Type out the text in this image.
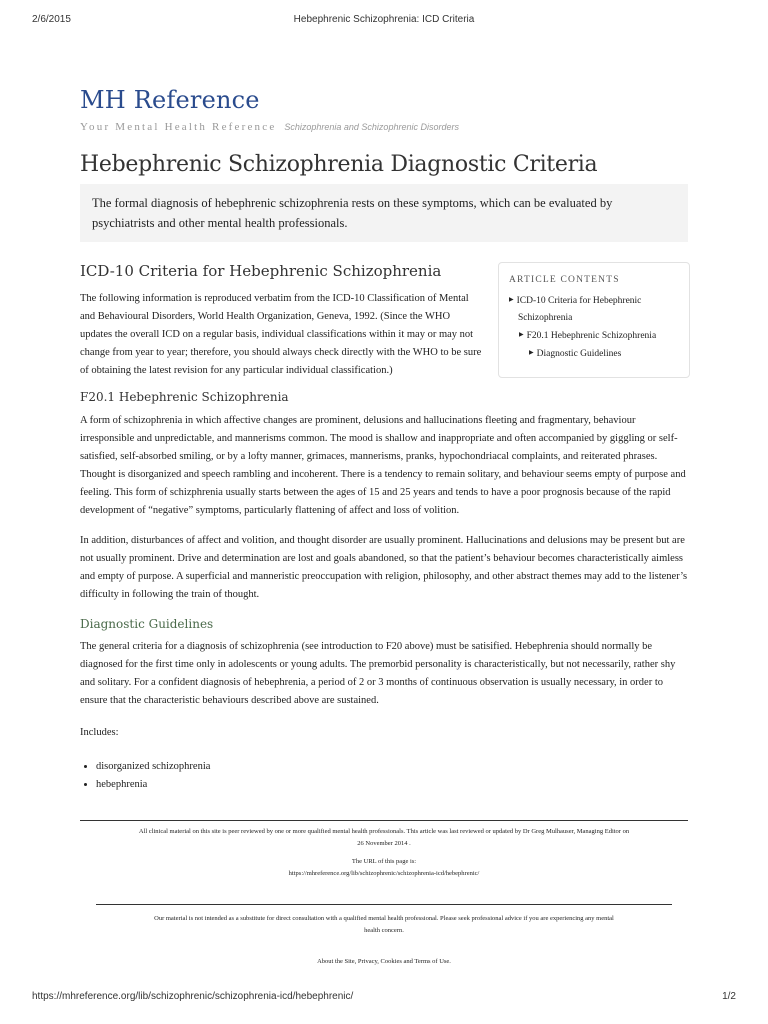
2/6/2015	Hebephrenic Schizophrenia: ICD Criteria
MH Reference
Your Mental Health Reference Schizophrenia and Schizophrenic Disorders
Hebephrenic Schizophrenia Diagnostic Criteria

The formal diagnosis of hebephrenic schizophrenia rests on these symptoms, which can be evaluated by psychiatrists and other mental health professionals.

ICD-10 Criteria for Hebephrenic Schizophrenia

The following information is reproduced verbatim from the ICD-10 Classification of Mental and Behavioural Disorders, World Health Organization, Geneva, 1992. (Since the WHO updates the overall ICD on a regular basis, individual classifications within it may or may not change from year to year; therefore, you should always check directly with the WHO to be sure of obtaining the latest revision for any particular individual classification.)

ARTICLE CONTENTS
▶ ICD-10 Criteria for Hebephrenic
Schizophrenia
▶ F20.1 Hebephrenic Schizophrenia
▶ Diagnostic Guidelines
F20.1 Hebephrenic Schizophrenia

A form of schizophrenia in which affective changes are prominent, delusions and hallucinations fleeting and fragmentary, behaviour irresponsible and unpredictable, and mannerisms common. The mood is shallow and inappropriate and often accompanied by giggling or self-satisfied, self-absorbed smiling, or by a lofty manner, grimaces, mannerisms, pranks, hypochondriacal complaints, and reiterated phrases. Thought is disorganized and speech rambling and incoherent. There is a tendency to remain solitary, and behaviour seems empty of purpose and feeling. This form of schizphrenia usually starts between the ages of 15 and 25 years and tends to have a poor prognosis because of the rapid development of “negative” symptoms, particularly flattening of affect and loss of volition.

In addition, disturbances of affect and volition, and thought disorder are usually prominent. Hallucinations and delusions may be present but are not usually prominent. Drive and determination are lost and goals abandoned, so that the patient’s behaviour becomes characteristically aimless and empty of purpose. A superficial and manneristic preoccupation with religion, philosophy, and other abstract themes may add to the listener’s difficulty in following the train of thought.

Diagnostic Guidelines

The general criteria for a diagnosis of schizophrenia (see introduction to F20 above) must be satisified. Hebephrenia should normally be diagnosed for the first time only in adolescents or young adults. The premorbid personality is characteristically, but not necessarily, rather shy and solitary. For a confident diagnosis of hebephrenia, a period of 2 or 3 months of continuous observation is usually necessary, in order to ensure that the characteristic behaviours described above are sustained.

Includes:

• disorganized schizophrenia
• hebephrenia
All clinical material on this site is peer reviewed by one or more qualified mental health professionals. This article was last reviewed or updated by Dr Greg Mulhauser, Managing Editor on
26 November 2014 .
The URL of this page is:
https://mhreference.org/lib/schizophrenic/schizophrenia-icd/hebephrenic/
Our material is not intended as a substitute for direct consultation with a qualified mental health professional. Please seek professional advice if you are experiencing any mental
health concern.
About the Site, Privacy, Cookies and Terms of Use.
https://mhreference.org/lib/schizophrenic/schizophrenia-icd/hebephrenic/	1/2
